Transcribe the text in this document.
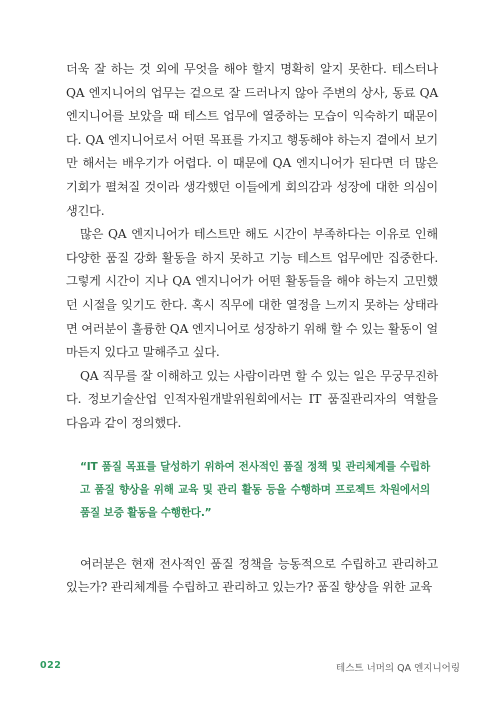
더욱 잘 하는 것 외에 무엇을 해야 할지 명확히 알지 못한다. 테스터나 QA 엔지니어의 업무는 겉으로 잘 드러나지 않아 주변의 상사, 동료 QA 엔지니어를 보았을 때 테스트 업무에 열중하는 모습이 익숙하기 때문이다. QA 엔지니어로서 어떤 목표를 가지고 행동해야 하는지 곁에서 보기만 해서는 배우기가 어렵다. 이 때문에 QA 엔지니어가 된다면 더 많은 기회가 펼쳐질 것이라 생각했던 이들에게 회의감과 성장에 대한 의심이 생긴다.

많은 QA 엔지니어가 테스트만 해도 시간이 부족하다는 이유로 인해 다양한 품질 강화 활동을 하지 못하고 기능 테스트 업무에만 집중한다. 그렇게 시간이 지나 QA 엔지니어가 어떤 활동들을 해야 하는지 고민했던 시절을 잊기도 한다. 혹시 직무에 대한 열정을 느끼지 못하는 상태라면 여러분이 훌륭한 QA 엔지니어로 성장하기 위해 할 수 있는 활동이 얼마든지 있다고 말해주고 싶다.

QA 직무를 잘 이해하고 있는 사람이라면 할 수 있는 일은 무궁무진하다. 정보기술산업 인적자원개발위원회에서는 IT 품질관리자의 역할을 다음과 같이 정의했다.

“IT 품질 목표를 달성하기 위하여 전사적인 품질 정책 및 관리체계를 수립하고 품질 향상을 위해 교육 및 관리 활동 등을 수행하며 프로젝트 차원에서의 품질 보증 활동을 수행한다.”

여러분은 현재 전사적인 품질 정책을 능동적으로 수립하고 관리하고 있는가? 관리체계를 수립하고 관리하고 있는가? 품질 향상을 위한 교육

022	테스트 너머의 QA 엔지니어링
